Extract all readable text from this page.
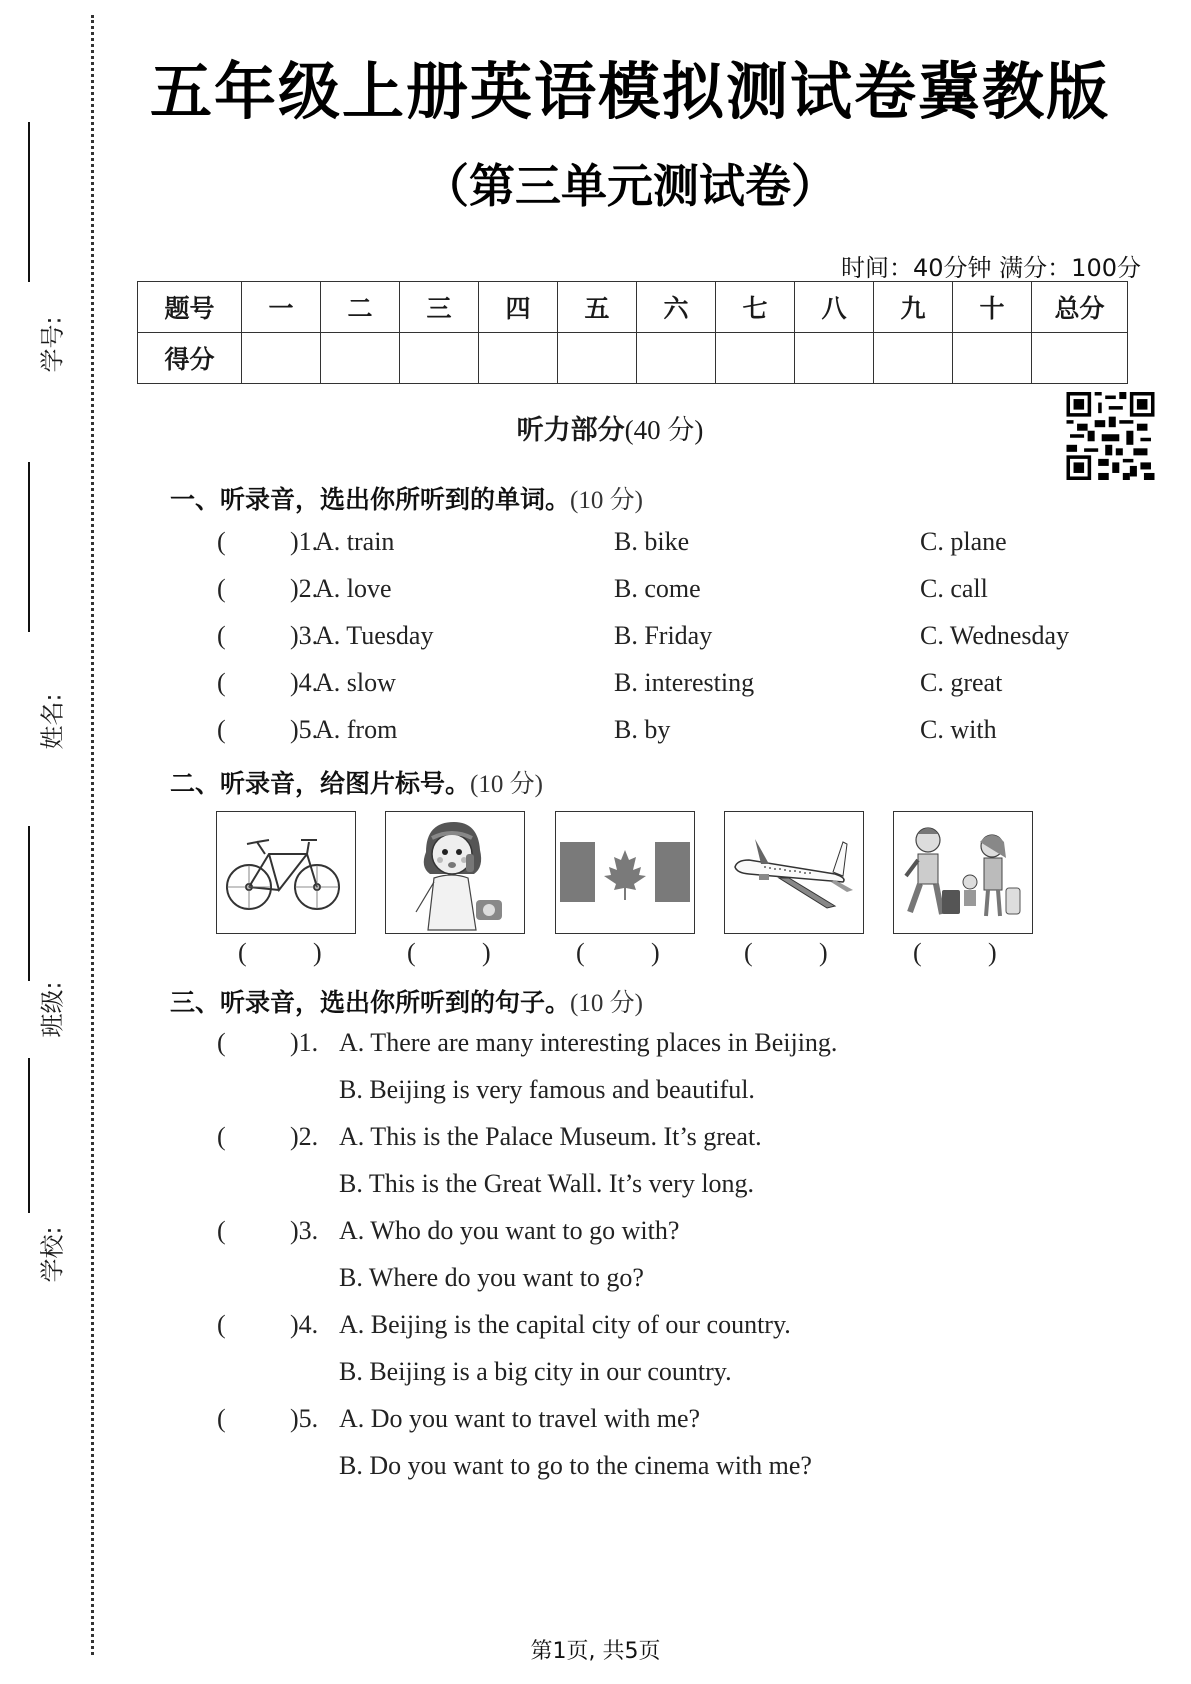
学号:
姓名:
班级:
学校:
五年级上册英语模拟测试卷冀教版
（第三单元测试卷）
时间：40分钟 满分：100分
题号	一	二	三	四	五	六	七	八	九	十	总分
得分											
听力部分(40 分)
一、听录音，选出你所听到的单词。(10 分)
( )1.
A. train	B. bike	C. plane
( )2.
A. love	B. come	C. call
( )3.
A. Tuesday	B. Friday	C. Wednesday
( )4.
A. slow	B. interesting	C. great
( )5.
A. from	B. by	C. with
二、听录音，给图片标号。(10 分)
(	)	(	)	(	)	(	)	(	)
三、听录音，选出你所听到的句子。(10 分)
( )1. A. There are many interesting places in Beijing.
B. Beijing is very famous and beautiful.
( )2. A. This is the Palace Museum. It’s great.
B. This is the Great Wall. It’s very long.
( )3. A. Who do you want to go with?
B. Where do you want to go?
( )4. A. Beijing is the capital city of our country.
B. Beijing is a big city in our country.
( )5. A. Do you want to travel with me?
B. Do you want to go to the cinema with me?
第1页, 共5页
